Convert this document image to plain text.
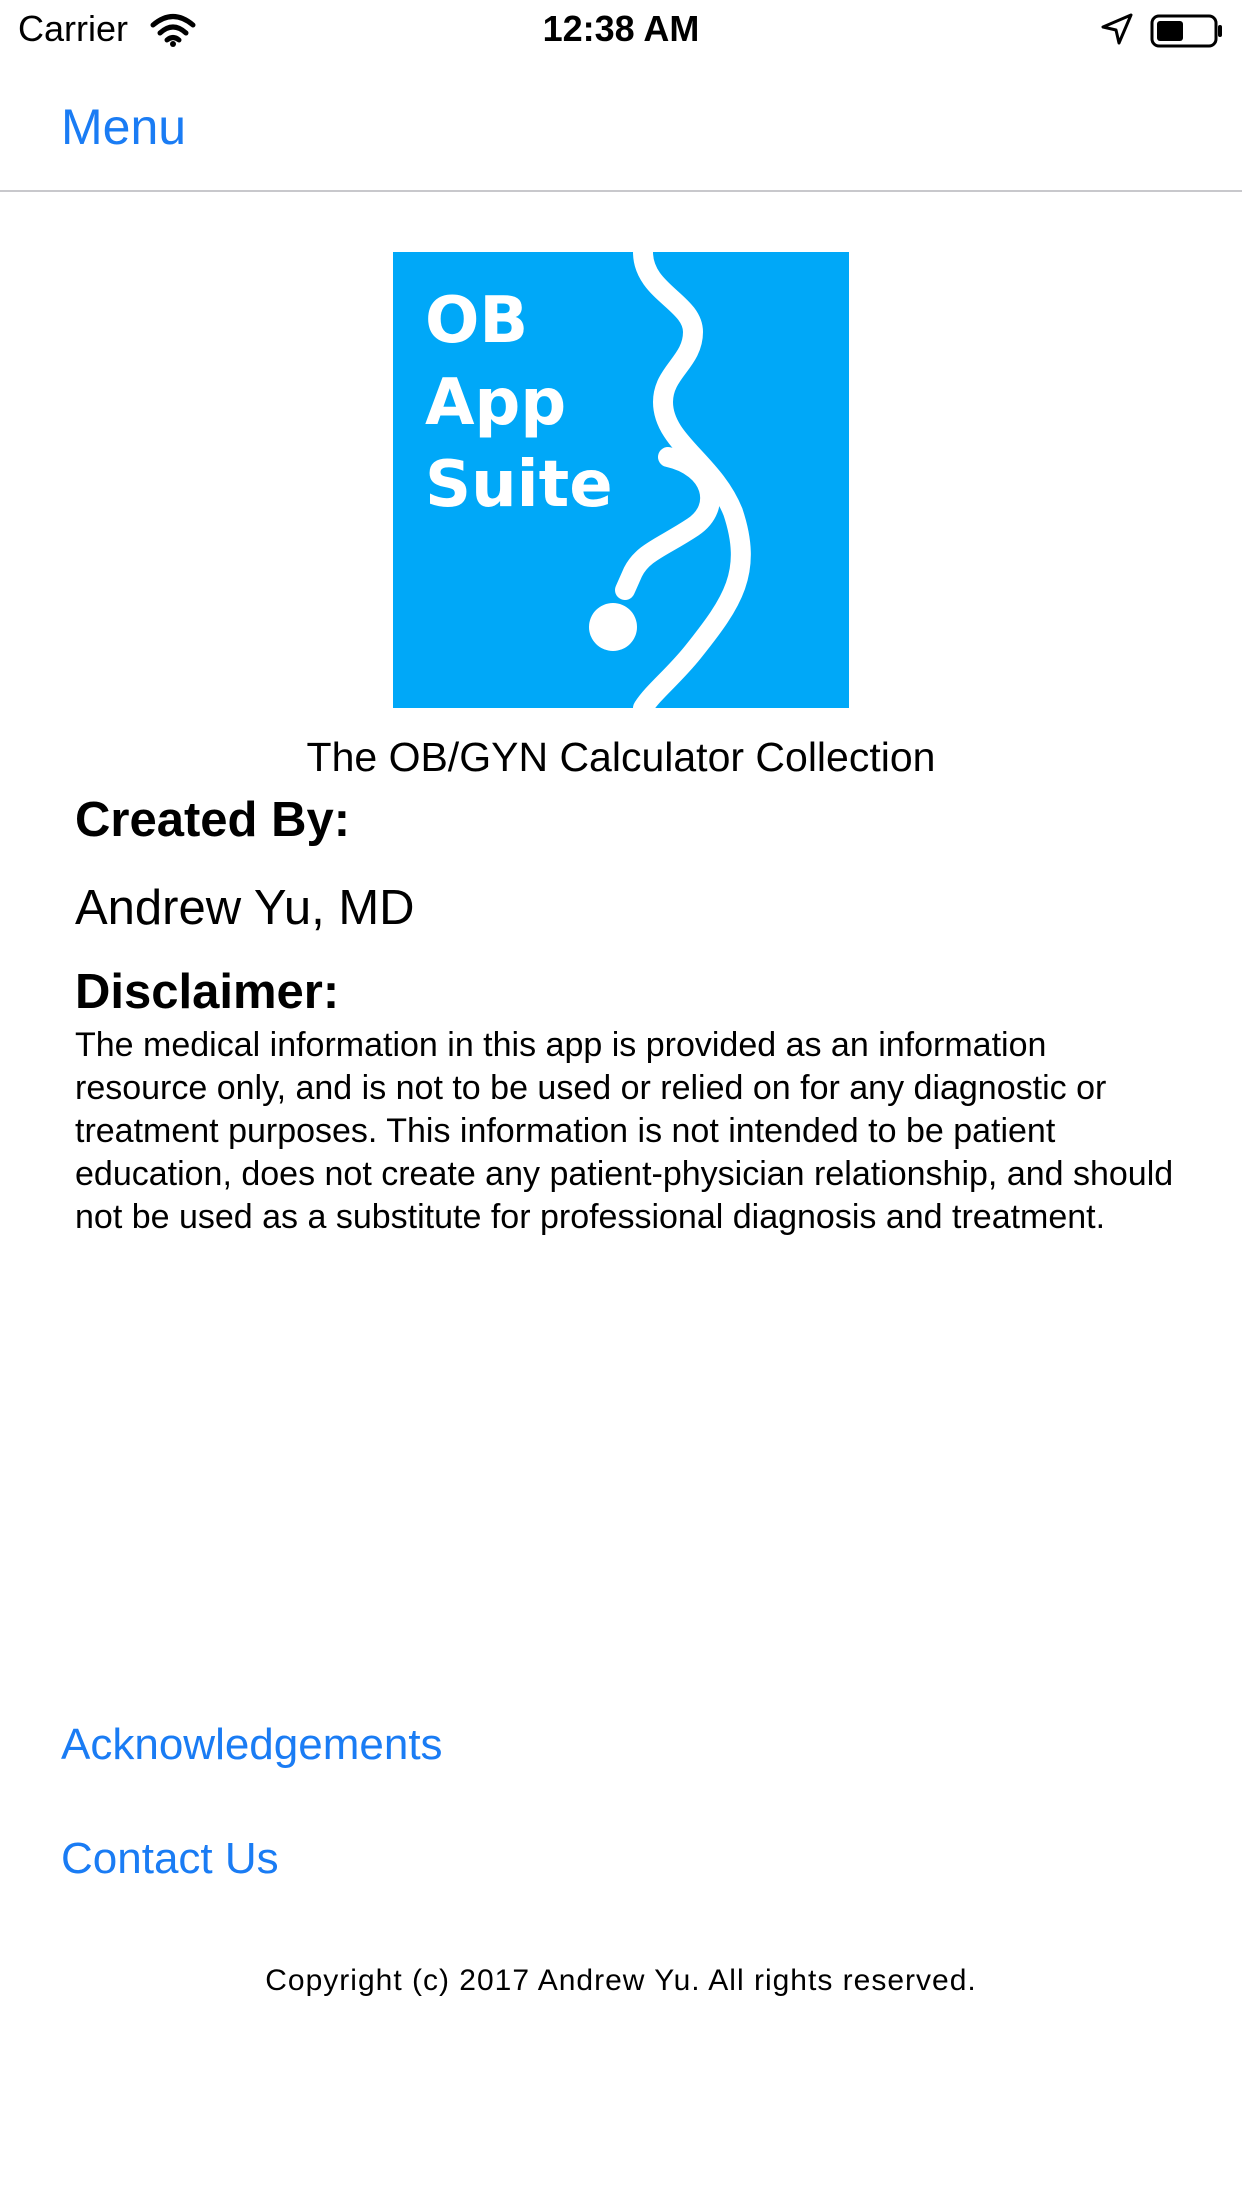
Carrier	12:38 AM
Menu
OB
App
Suite
The OB/GYN Calculator Collection
Created By:
Andrew Yu, MD
Disclaimer:
The medical information in this app is provided as an information resource only, and is not to be used or relied on for any diagnostic or treatment purposes. This information is not intended to be patient education, does not create any patient-physician relationship, and should not be used as a substitute for professional diagnosis and treatment.
Acknowledgements
Contact Us
Copyright (c) 2017 Andrew Yu. All rights reserved.
